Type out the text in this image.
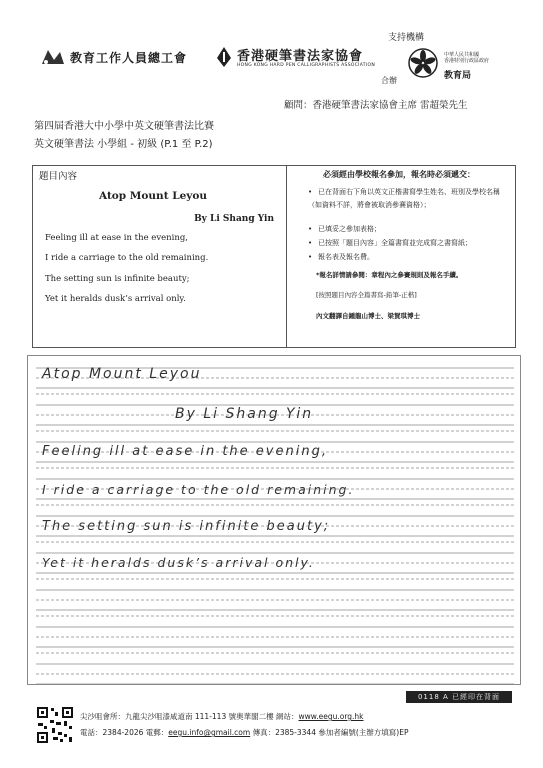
支持機構
教育工作人員總工會	香港硬筆書法家協會
HONG KONG HARD PEN CALLIGRAPHISTS ASSOCIATION
合辦
中華人民共和國
香港特別行政區政府
教育局
顧問：香港硬筆書法家協會主席 雷超榮先生
第四屆香港大中小學中英文硬筆書法比賽
英文硬筆書法 小學組 - 初級 (P.1 至 P.2)
題目內容
Atop Mount Leyou
By Li Shang Yin
Feeling ill at ease in the evening,
I ride a carriage to the old remaining.
The setting sun is infinite beauty;
Yet it heralds dusk’s arrival only.
必須經由學校報名參加，報名時必須遞交：
• 已在背面右下角以英文正楷書寫學生姓名、班別及學校名稱（如資料不詳，將會被取消參賽資格）；
• 已填妥之參加表格；
• 已按照「題目內容」全篇書寫並完成寫之書寫紙；
• 報名表及報名費。
*報名詳情請參閱：章程內之參賽規則及報名手續。
[按照題目內容全篇書寫-鉛筆-正楷]
內文翻譯自鍾龍山博士、梁賀琪博士
Atop Mount Leyou
By Li Shang Yin
Feeling ill at ease in the evening,
I ride a carriage to the old remaining.
The setting sun is infinite beauty;
Yet it heralds dusk’s arrival only.
0118 A 已經印在背面
尖沙咀會所：九龍尖沙咀漆咸道南 111-113 號奧華閣二樓 網站：www.eegu.org.hk
電話：2384-2026 電郵：eegu.info@gmail.com 傳真：2385-3344 參加者編號(主辦方填寫)EP
